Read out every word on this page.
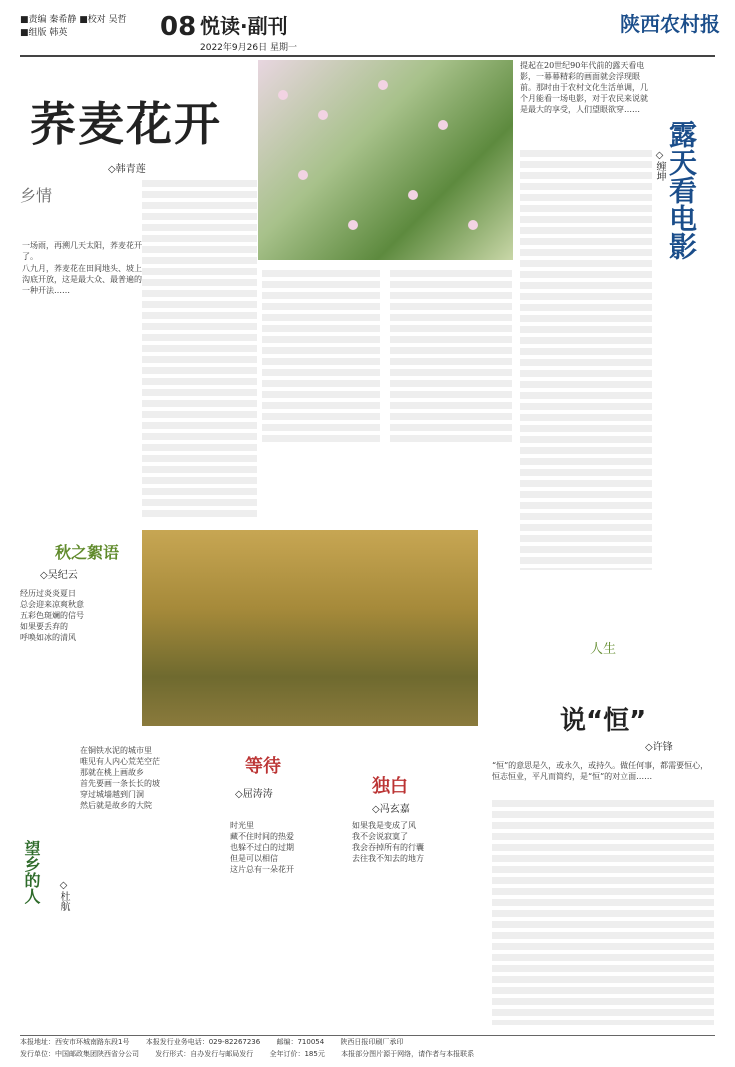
■责编 秦希静 ■校对 吴哲
■组版 韩英	08 悦读·副刊
2022年9月26日 星期一
陕西农村报
荞麦花开
◇韩青莲
乡情
一场雨，再溯几天太阳，荞麦花开了。
八九月，荞麦花在田间地头、坡上沟底开放，这是最大众、最普遍的一种开法……
露天看电影
◇缠坤
提起在20世纪90年代前的露天看电影，一幕幕精彩的画面就会浮现眼前。那时由于农村文化生活单调，几个月能看一场电影，对于农民来说就是最大的享受，人们望眼欲穿……
秋之絮语
◇吴纪云
经历过炎炎夏日
总会迎来凉爽秋意
五彩色斑斓的信号
如果要丢弃的
呼唤如冰的清风
望乡的人 ◇杜航
在铜铁水泥的城市里
唯见有人内心荒芜空茫
那就在桃上画故乡
首先要画一条长长的坡
穿过城墙越到门洞
然后就是故乡的大院
等待
◇屈涛涛
时光里
藏不住时间的热爱
也躲不过白的过期
但是可以相信
这片总有一朵花开
独白
◇冯玄嘉
如果我是变成了风
我不会说寂寞了
我会吞掉所有的行囊
去往我不知去的地方
人生
说“恒”
◇许锋
“恒”的意思是久，或永久，或持久。做任何事，都需要恒心，恒志恒业，平凡而简约，是“恒”的对立面……
本报地址：西安市环城南路东段1号 本报发行业务电话：029-82267236 邮编：710054 陕西日报印刷厂承印
发行单位：中国邮政集团陕西省分公司 发行形式：自办发行与邮局发行 全年订价：185元 本报部分图片源于网络，请作者与本报联系
